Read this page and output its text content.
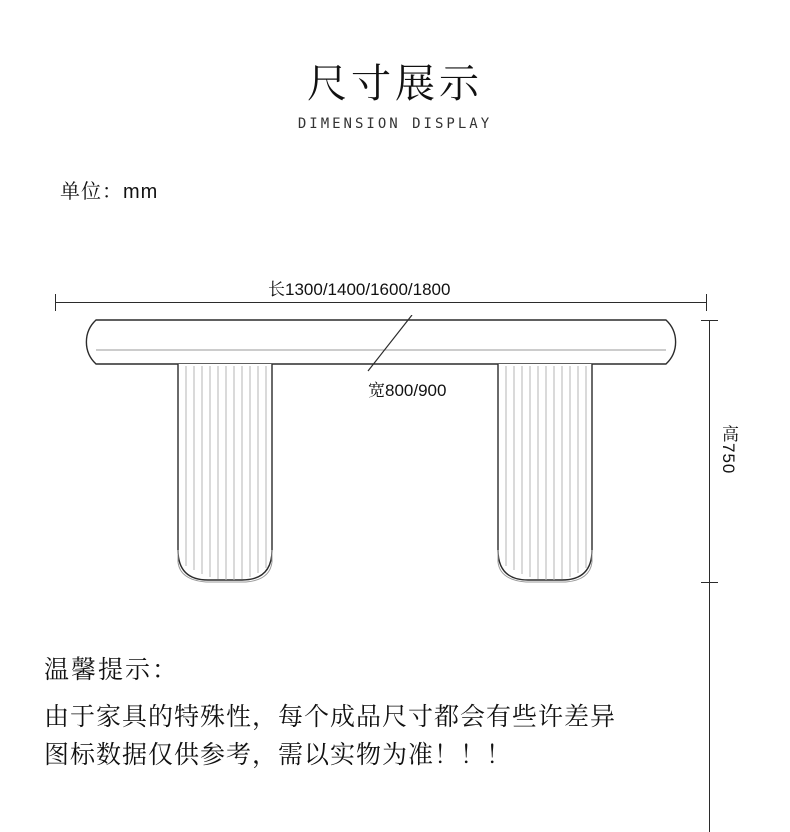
尺寸展示
DIMENSION DISPLAY
单位：mm
长1300/1400/1600/1800
高750
宽800/900
温馨提示：
由于家具的特殊性，每个成品尺寸都会有些许差异
图标数据仅供参考，需以实物为准！！！
